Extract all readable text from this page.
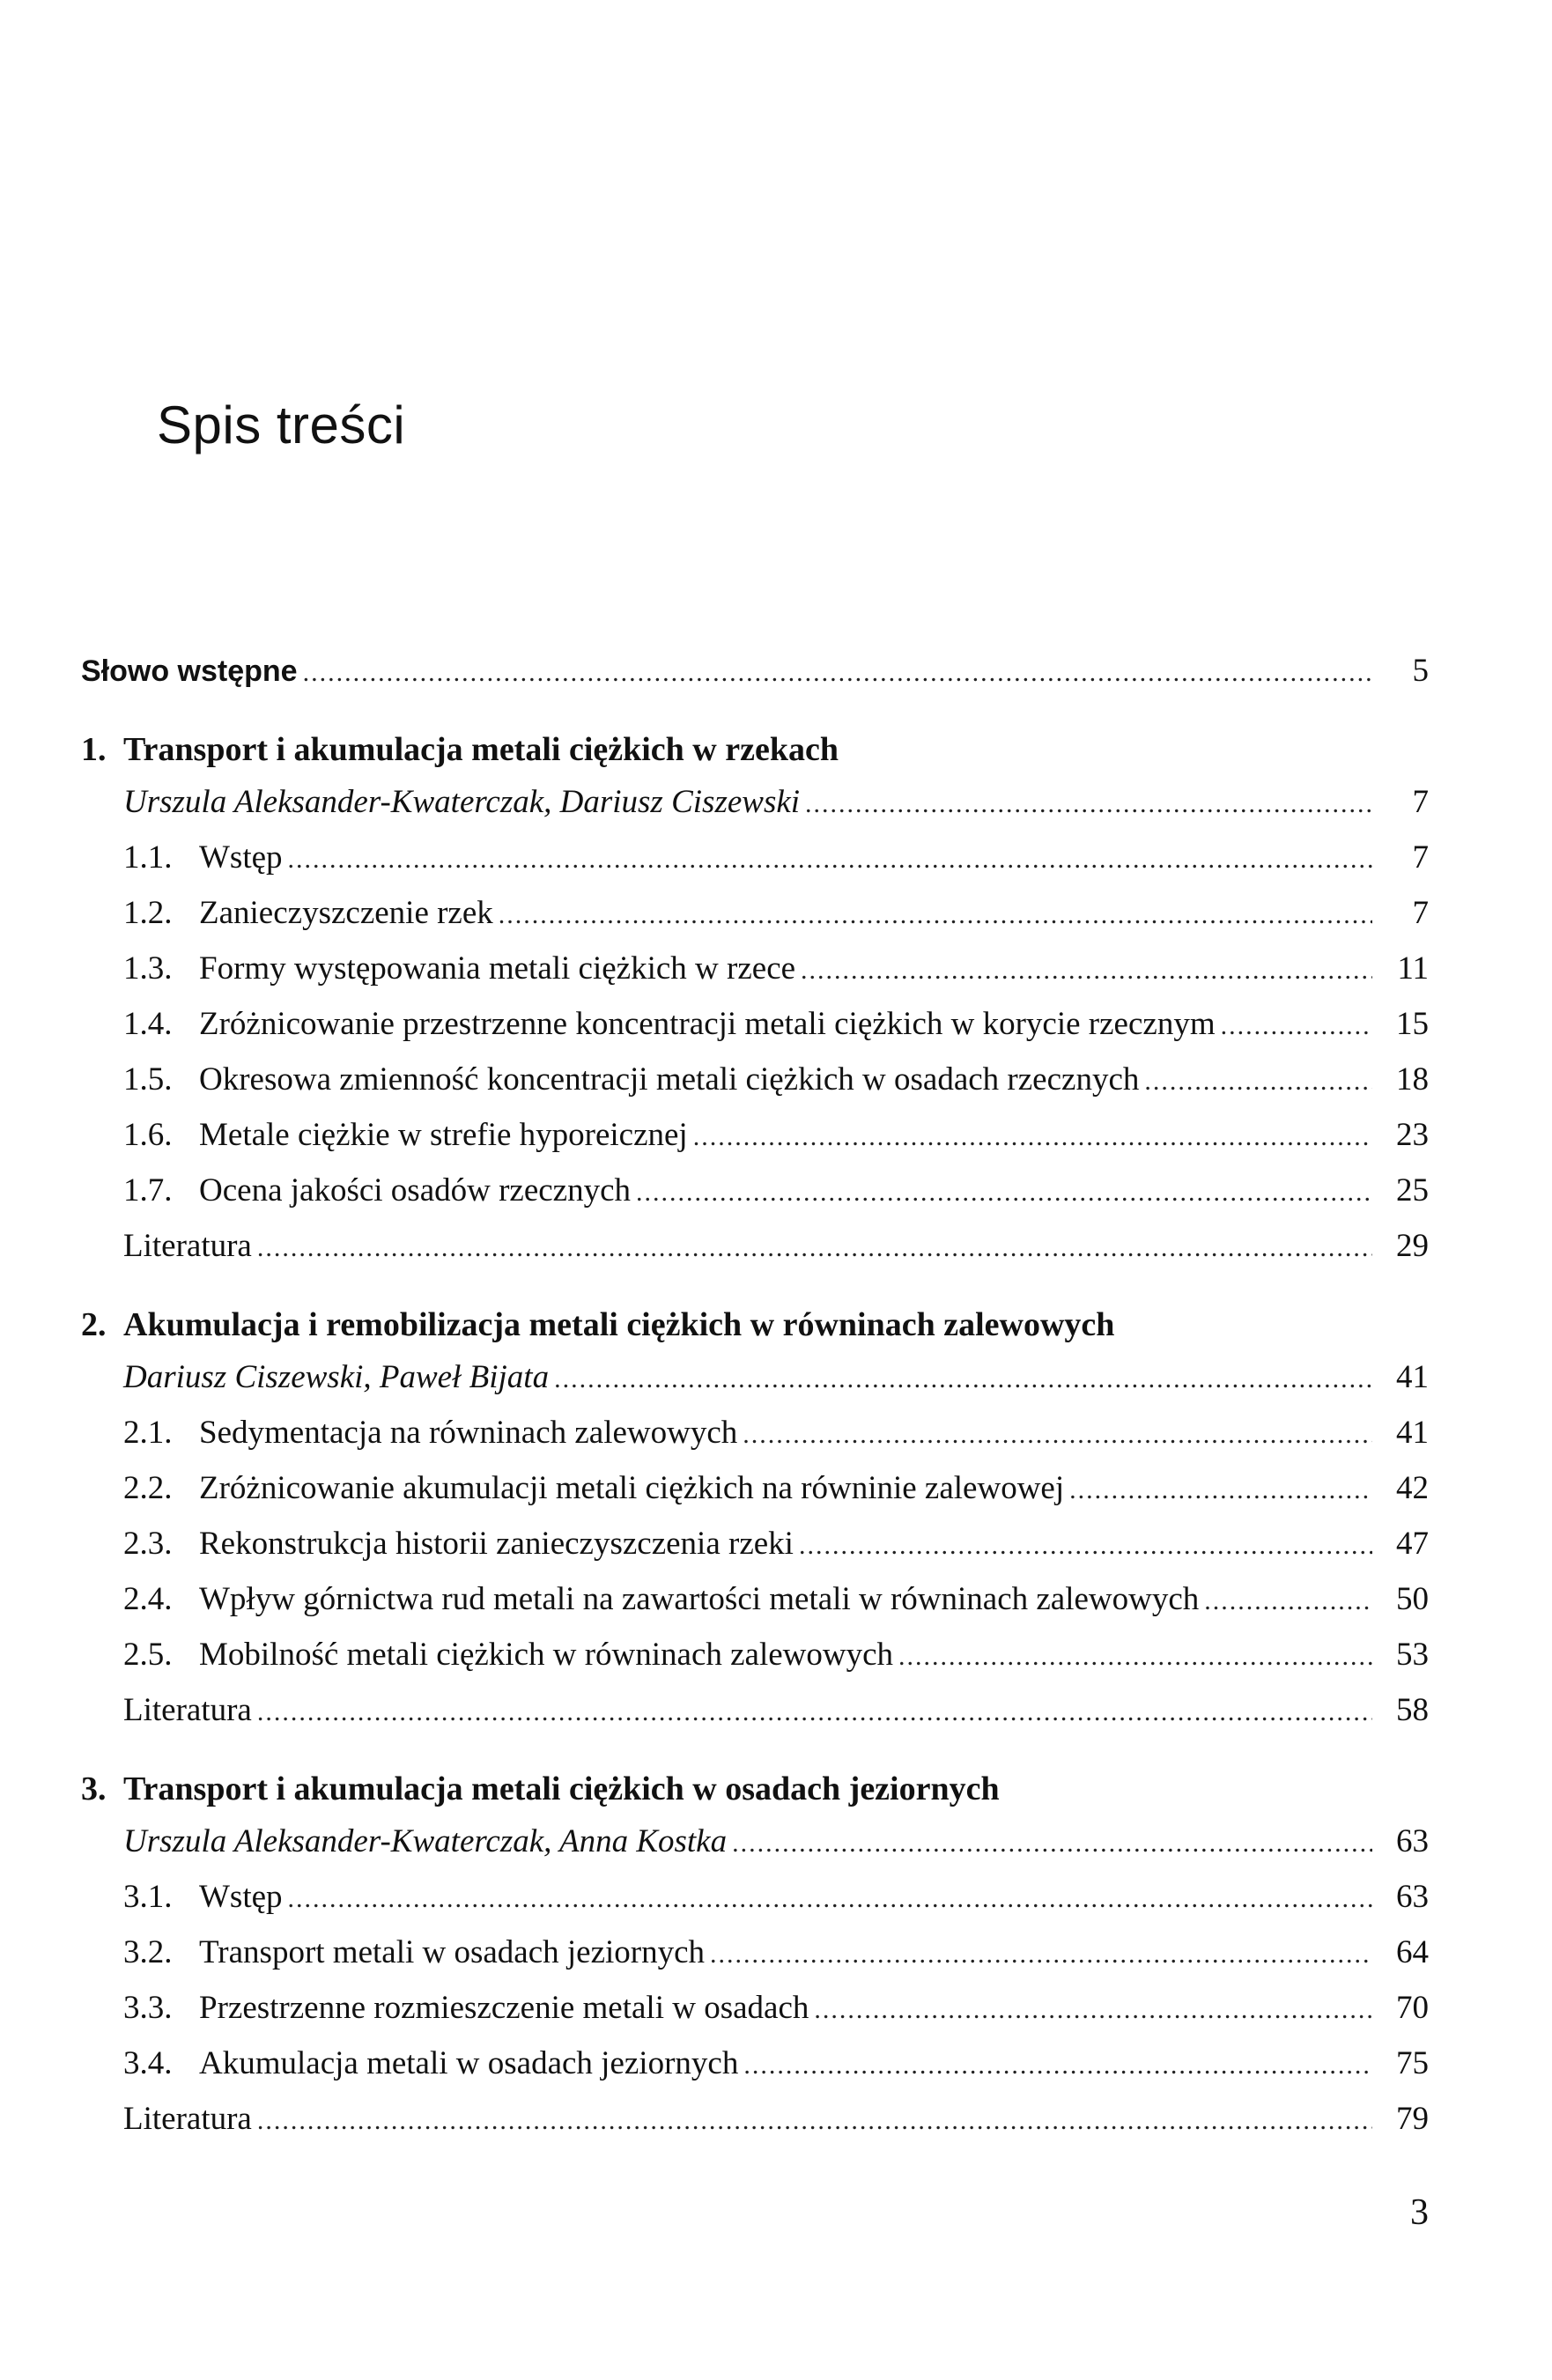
Spis treści
Słowo wstępne .....	5
1. Transport i akumulacja metali ciężkich w rzekach
Urszula Aleksander-Kwaterczak, Dariusz Ciszewski .....	7
1.1. Wstęp .....	7
1.2. Zanieczyszczenie rzek .....	7
1.3. Formy występowania metali ciężkich w rzece .....	11
1.4. Zróżnicowanie przestrzenne koncentracji metali ciężkich w korycie rzecznym .....	15
1.5. Okresowa zmienność koncentracji metali ciężkich w osadach rzecznych .....	18
1.6. Metale ciężkie w strefie hyporeicznej .....	23
1.7. Ocena jakości osadów rzecznych .....	25
Literatura .....	29
2. Akumulacja i remobilizacja metali ciężkich w równinach zalewowych
Dariusz Ciszewski, Paweł Bijata .....	41
2.1. Sedymentacja na równinach zalewowych .....	41
2.2. Zróżnicowanie akumulacji metali ciężkich na równinie zalewowej .....	42
2.3. Rekonstrukcja historii zanieczyszczenia rzeki .....	47
2.4. Wpływ górnictwa rud metali na zawartości metali w równinach zalewowych .....	50
2.5. Mobilność metali ciężkich w równinach zalewowych .....	53
Literatura .....	58
3. Transport i akumulacja metali ciężkich w osadach jeziornych
Urszula Aleksander-Kwaterczak, Anna Kostka .....	63
3.1. Wstęp .....	63
3.2. Transport metali w osadach jeziornych .....	64
3.3. Przestrzenne rozmieszczenie metali w osadach .....	70
3.4. Akumulacja metali w osadach jeziornych .....	75
Literatura .....	79
3
